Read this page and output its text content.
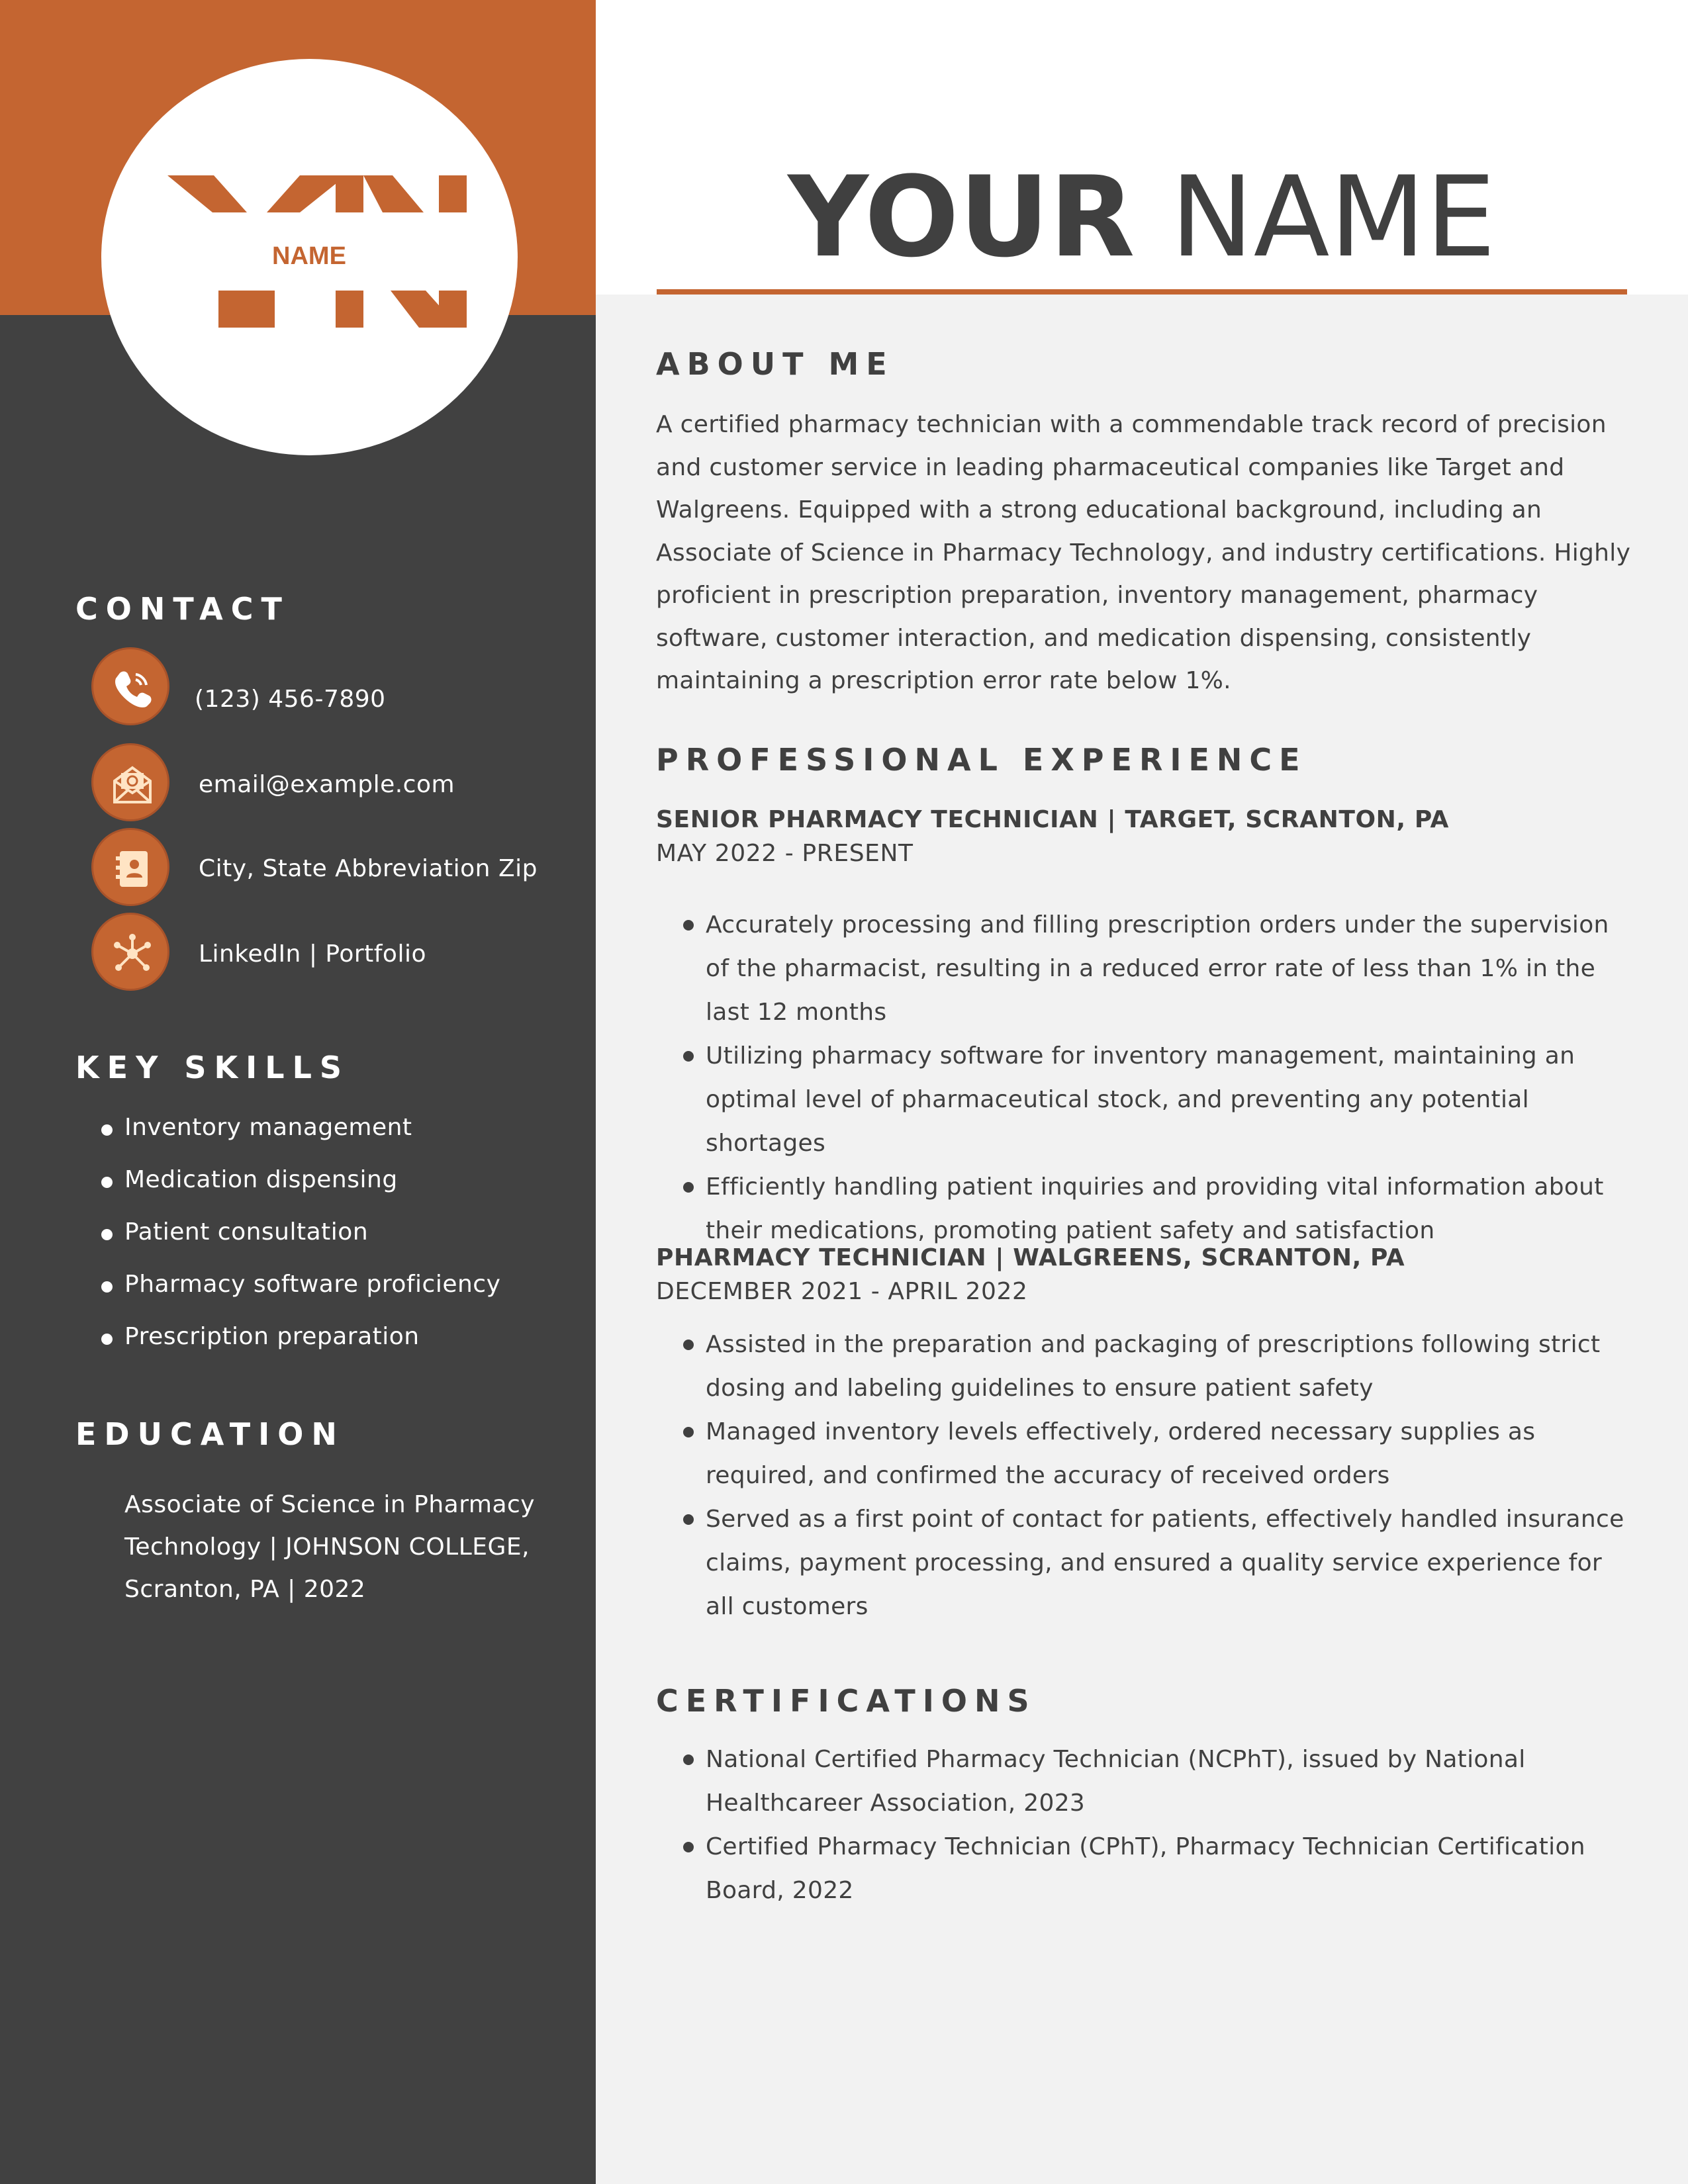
NAME
CONTACT
(123) 456-7890
email@example.com
City, State Abbreviation Zip
LinkedIn | Portfolio
KEY SKILLS
Inventory management
Medication dispensing
Patient consultation
Pharmacy software proficiency
Prescription preparation
EDUCATION
Associate of Science in Pharmacy Technology | JOHNSON COLLEGE, Scranton, PA | 2022
YOUR NAME
ABOUT ME
A certified pharmacy technician with a commendable track record of precision and customer service in leading pharmaceutical companies like Target and Walgreens. Equipped with a strong educational background, including an Associate of Science in Pharmacy Technology, and industry certifications. Highly proficient in prescription preparation, inventory management, pharmacy software, customer interaction, and medication dispensing, consistently maintaining a prescription error rate below 1%.
PROFESSIONAL EXPERIENCE
SENIOR PHARMACY TECHNICIAN | TARGET, SCRANTON, PA
MAY 2022 - PRESENT
Accurately processing and filling prescription orders under the supervision of the pharmacist, resulting in a reduced error rate of less than 1% in the last 12 months
Utilizing pharmacy software for inventory management, maintaining an optimal level of pharmaceutical stock, and preventing any potential shortages
Efficiently handling patient inquiries and providing vital information about their medications, promoting patient safety and satisfaction
PHARMACY TECHNICIAN | WALGREENS, SCRANTON, PA
DECEMBER 2021 - APRIL 2022
Assisted in the preparation and packaging of prescriptions following strict dosing and labeling guidelines to ensure patient safety
Managed inventory levels effectively, ordered necessary supplies as required, and confirmed the accuracy of received orders
Served as a first point of contact for patients, effectively handled insurance claims, payment processing, and ensured a quality service experience for all customers
CERTIFICATIONS
National Certified Pharmacy Technician (NCPhT), issued by National Healthcareer Association, 2023
Certified Pharmacy Technician (CPhT), Pharmacy Technician Certification Board, 2022
